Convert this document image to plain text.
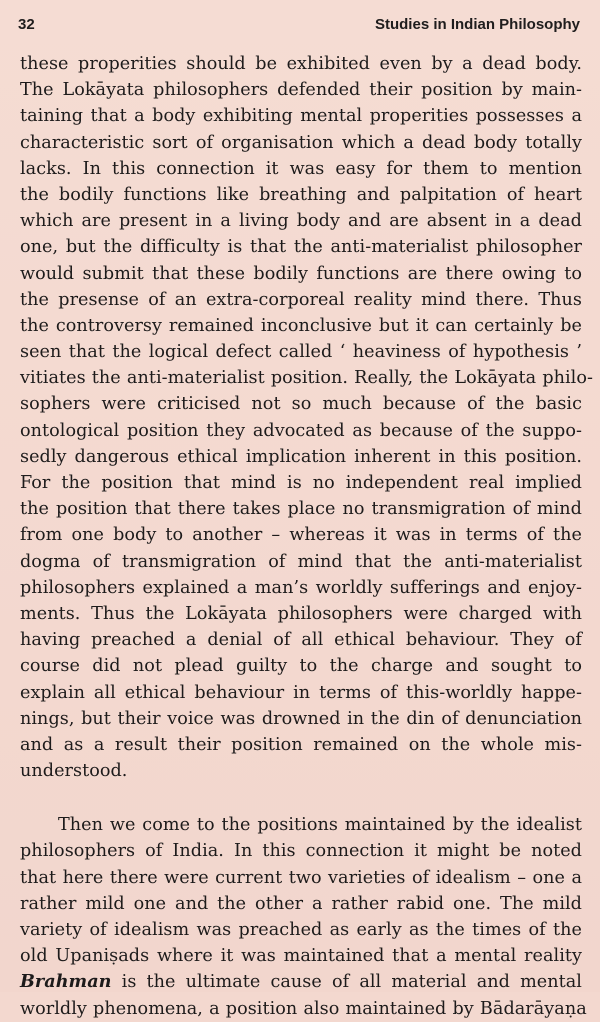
32	Studies in Indian Philosophy
these properities should be exhibited even by a dead body.
The Lokāyata philosophers defended their position by main-
taining that a body exhibiting mental properities possesses a
characteristic sort of organisation which a dead body totally
lacks. In this connection it was easy for them to mention
the bodily functions like breathing and palpitation of heart
which are present in a living body and are absent in a dead
one, but the difficulty is that the anti-materialist philosopher
would submit that these bodily functions are there owing to
the presense of an extra-corporeal reality mind there. Thus
the controversy remained inconclusive but it can certainly be
seen that the logical defect called ‘ heaviness of hypothesis ’
vitiates the anti-materialist position. Really, the Lokāyata philo-
sophers were criticised not so much because of the basic
ontological position they advocated as because of the suppo-
sedly dangerous ethical implication inherent in this position.
For the position that mind is no independent real implied
the position that there takes place no transmigration of mind
from one body to another – whereas it was in terms of the
dogma of transmigration of mind that the anti-materialist
philosophers explained a man’s worldly sufferings and enjoy-
ments. Thus the Lokāyata philosophers were charged with
having preached a denial of all ethical behaviour. They of
course did not plead guilty to the charge and sought to
explain all ethical behaviour in terms of this-worldly happe-
nings, but their voice was drowned in the din of denunciation
and as a result their position remained on the whole mis-
understood.
Then we come to the positions maintained by the idealist
philosophers of India. In this connection it might be noted
that here there were current two varieties of idealism – one a
rather mild one and the other a rather rabid one. The mild
variety of idealism was preached as early as the times of the
old Upaniṣads where it was maintained that a mental reality
Brahman is the ultimate cause of all material and mental
worldly phenomena, a position also maintained by Bādarāyaṇa
